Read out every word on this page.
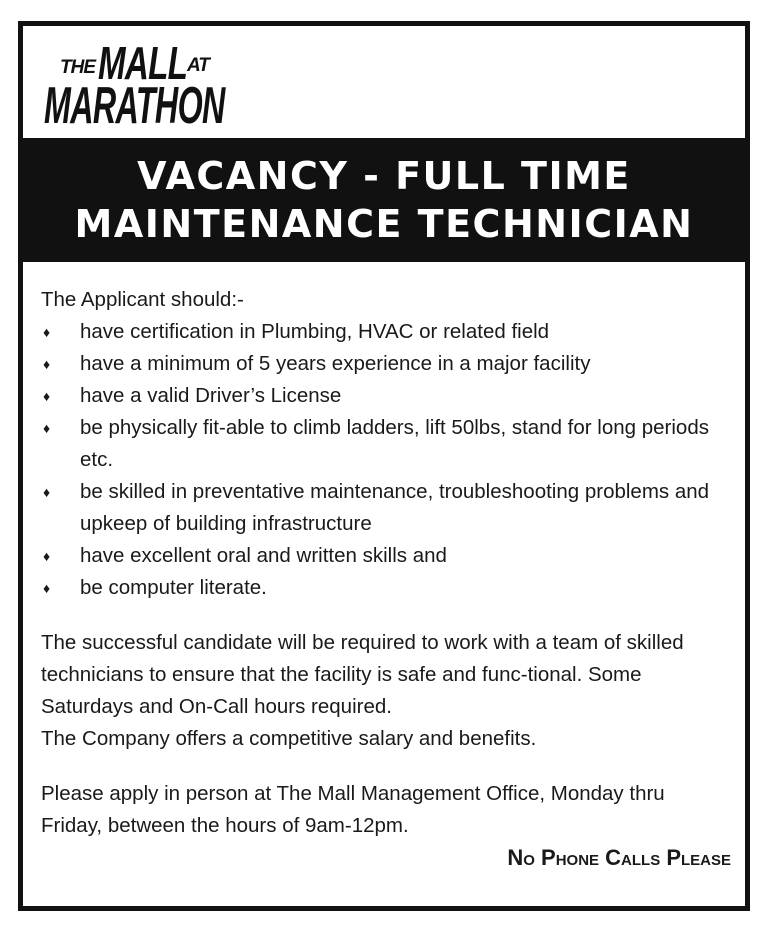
THE MALL AT
MARATHON
VACANCY - FULL TIME
MAINTENANCE TECHNICIAN

The Applicant should:-

♦ have certification in Plumbing, HVAC or related field
♦ have a minimum of 5 years experience in a major facility
♦ have a valid Driver’s License
♦ be physically fit-able to climb ladders, lift 50lbs, stand for long periods etc.
♦ be skilled in preventative maintenance, troubleshooting problems and upkeep of building infrastructure
♦ have excellent oral and written skills and
♦ be computer literate.

The successful candidate will be required to work with a team of skilled technicians to ensure that the facility is safe and func-tional. Some Saturdays and On-Call hours required.

The Company offers a competitive salary and benefits.

Please apply in person at The Mall Management Office, Monday thru Friday, between the hours of 9am-12pm.

No Phone Calls Please
